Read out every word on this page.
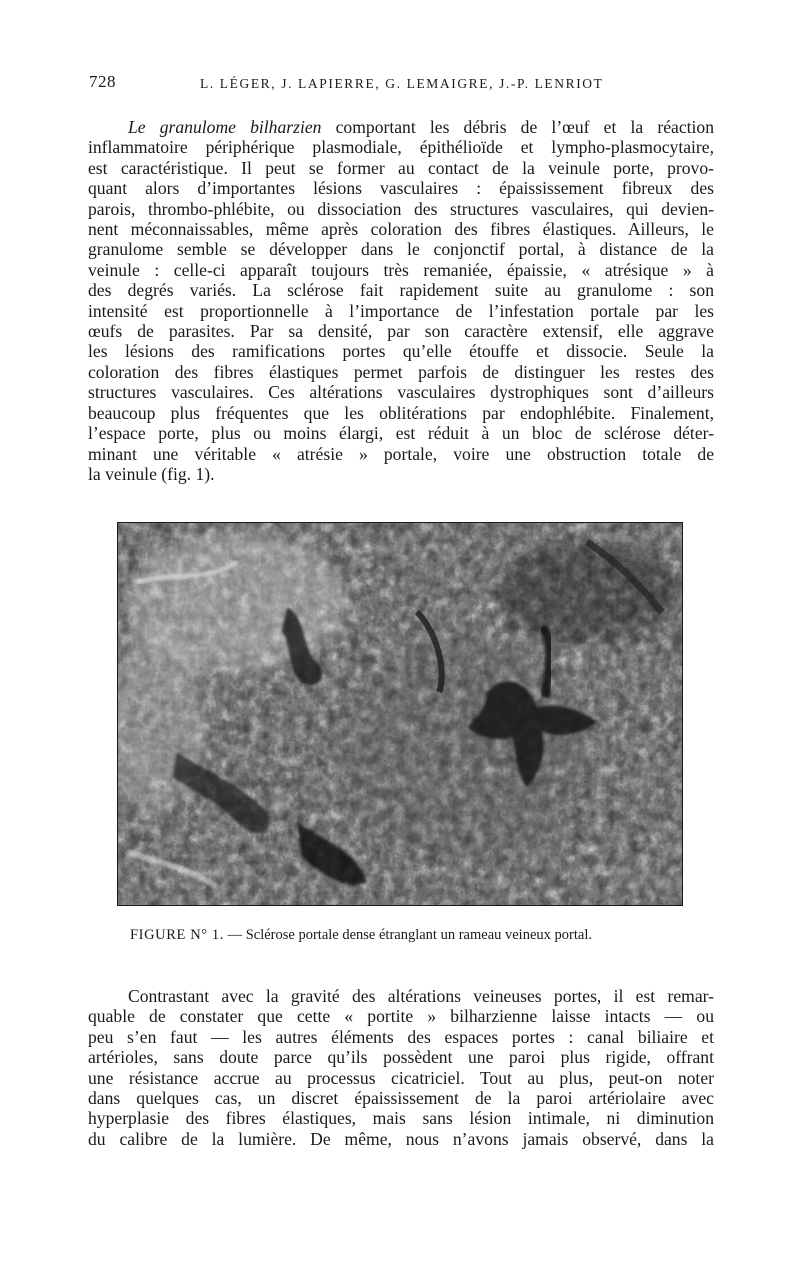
728	L. LÉGER, J. LAPIERRE, G. LEMAIGRE, J.-P. LENRIOT
Le granulome bilharzien comportant les débris de l’œuf et la réaction
inflammatoire périphérique plasmodiale, épithélioïde et lympho-plasmocytaire,
est caractéristique. Il peut se former au contact de la veinule porte, provo-
quant alors d’importantes lésions vasculaires : épaississement fibreux des
parois, thrombo-phlébite, ou dissociation des structures vasculaires, qui devien-
nent méconnaissables, même après coloration des fibres élastiques. Ailleurs, le
granulome semble se développer dans le conjonctif portal, à distance de la
veinule : celle-ci apparaît toujours très remaniée, épaissie, « atrésique » à
des degrés variés. La sclérose fait rapidement suite au granulome : son
intensité est proportionnelle à l’importance de l’infestation portale par les
œufs de parasites. Par sa densité, par son caractère extensif, elle aggrave
les lésions des ramifications portes qu’elle étouffe et dissocie. Seule la
coloration des fibres élastiques permet parfois de distinguer les restes des
structures vasculaires. Ces altérations vasculaires dystrophiques sont d’ailleurs
beaucoup plus fréquentes que les oblitérations par endophlébite. Finalement,
l’espace porte, plus ou moins élargi, est réduit à un bloc de sclérose déter-
minant une véritable « atrésie » portale, voire une obstruction totale de
la veinule (fig. 1).
FIGURE N° 1. — Sclérose portale dense étranglant un rameau veineux portal.
Contrastant avec la gravité des altérations veineuses portes, il est remar-
quable de constater que cette « portite » bilharzienne laisse intacts — ou
peu s’en faut — les autres éléments des espaces portes : canal biliaire et
artérioles, sans doute parce qu’ils possèdent une paroi plus rigide, offrant
une résistance accrue au processus cicatriciel. Tout au plus, peut-on noter
dans quelques cas, un discret épaississement de la paroi artériolaire avec
hyperplasie des fibres élastiques, mais sans lésion intimale, ni diminution
du calibre de la lumière. De même, nous n’avons jamais observé, dans la
